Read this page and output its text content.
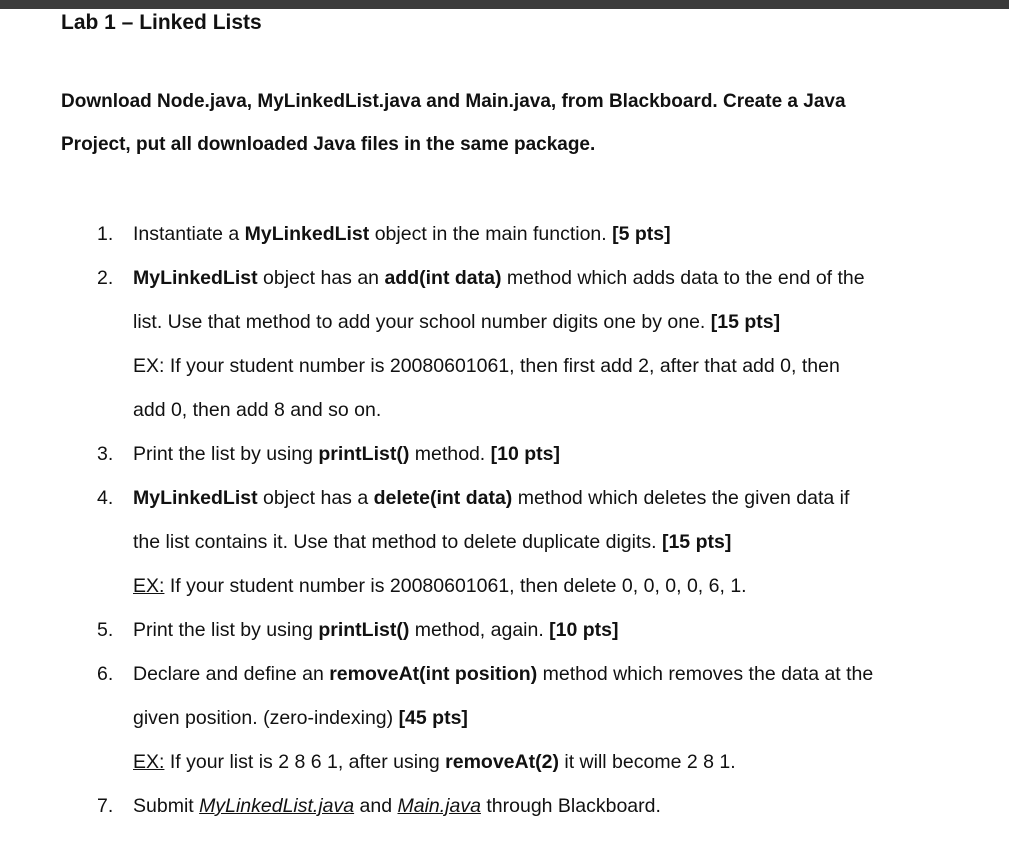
Lab 1 – Linked Lists

Download Node.java, MyLinkedList.java and Main.java, from Blackboard. Create a Java

Project, put all downloaded Java files in the same package.

1. Instantiate a MyLinkedList object in the main function. [5 pts]
2. MyLinkedList object has an add(int data) method which adds data to the end of the
list. Use that method to add your school number digits one by one. [15 pts]
EX: If your student number is 20080601061, then first add 2, after that add 0, then
add 0, then add 8 and so on.
3. Print the list by using printList() method. [10 pts]
4. MyLinkedList object has a delete(int data) method which deletes the given data if
the list contains it. Use that method to delete duplicate digits. [15 pts]
EX: If your student number is 20080601061, then delete 0, 0, 0, 0, 6, 1.
5. Print the list by using printList() method, again. [10 pts]
6. Declare and define an removeAt(int position) method which removes the data at the
given position. (zero-indexing) [45 pts]
EX: If your list is 2 8 6 1, after using removeAt(2) it will become 2 8 1.
7. Submit MyLinkedList.java and Main.java through Blackboard.
